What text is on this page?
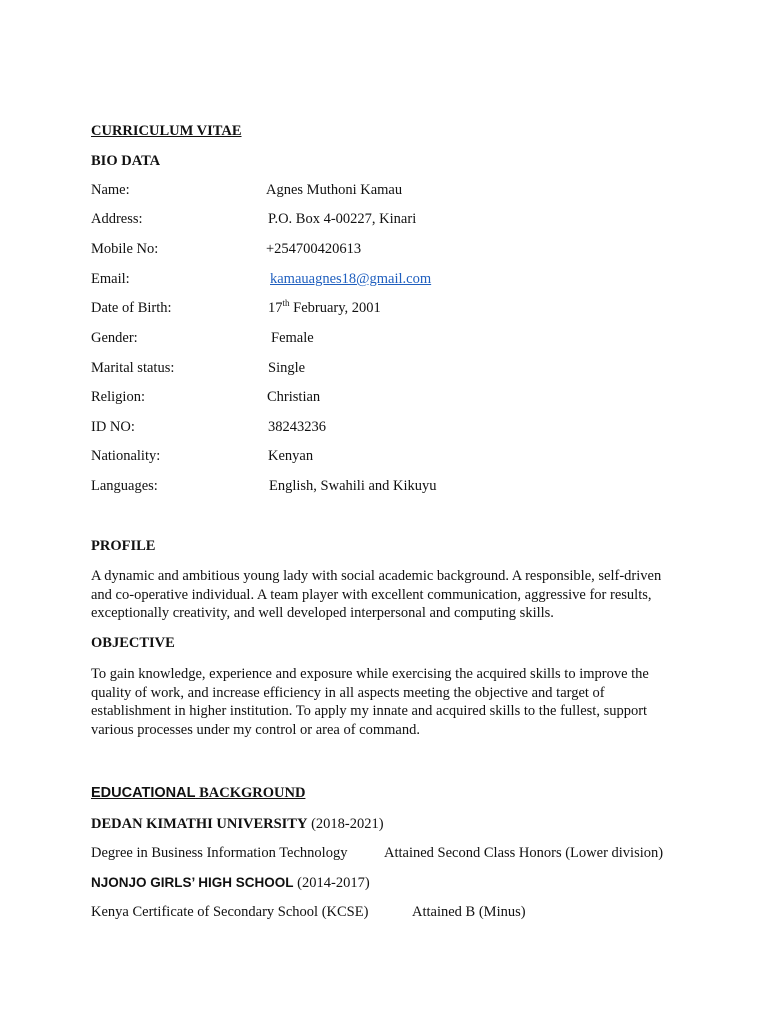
CURRICULUM VITAE
BIO DATA
Name:	Agnes Muthoni Kamau
Address:	P.O. Box 4-00227, Kinari
Mobile No:	+254700420613
Email:	kamauagnes18@gmail.com
Date of Birth:	17th February, 2001
Gender:	Female
Marital status:	Single
Religion:	Christian
ID NO:	38243236
Nationality:	Kenyan
Languages:	English, Swahili and Kikuyu
PROFILE
A dynamic and ambitious young lady with social academic background. A responsible, self-driven and co-operative individual. A team player with excellent communication, aggressive for results, exceptionally creativity, and well developed interpersonal and computing skills.
OBJECTIVE
To gain knowledge, experience and exposure while exercising the acquired skills to improve the quality of work, and increase efficiency in all aspects meeting the objective and target of establishment in higher institution. To apply my innate and acquired skills to the fullest, support various processes under my control or area of command.
EDUCATIONAL BACKGROUND
DEDAN KIMATHI UNIVERSITY (2018-2021)
Degree in Business Information Technology	Attained Second Class Honors (Lower division)
NJONJO GIRLS’ HIGH SCHOOL (2014-2017)
Kenya Certificate of Secondary School (KCSE)	Attained B (Minus)
